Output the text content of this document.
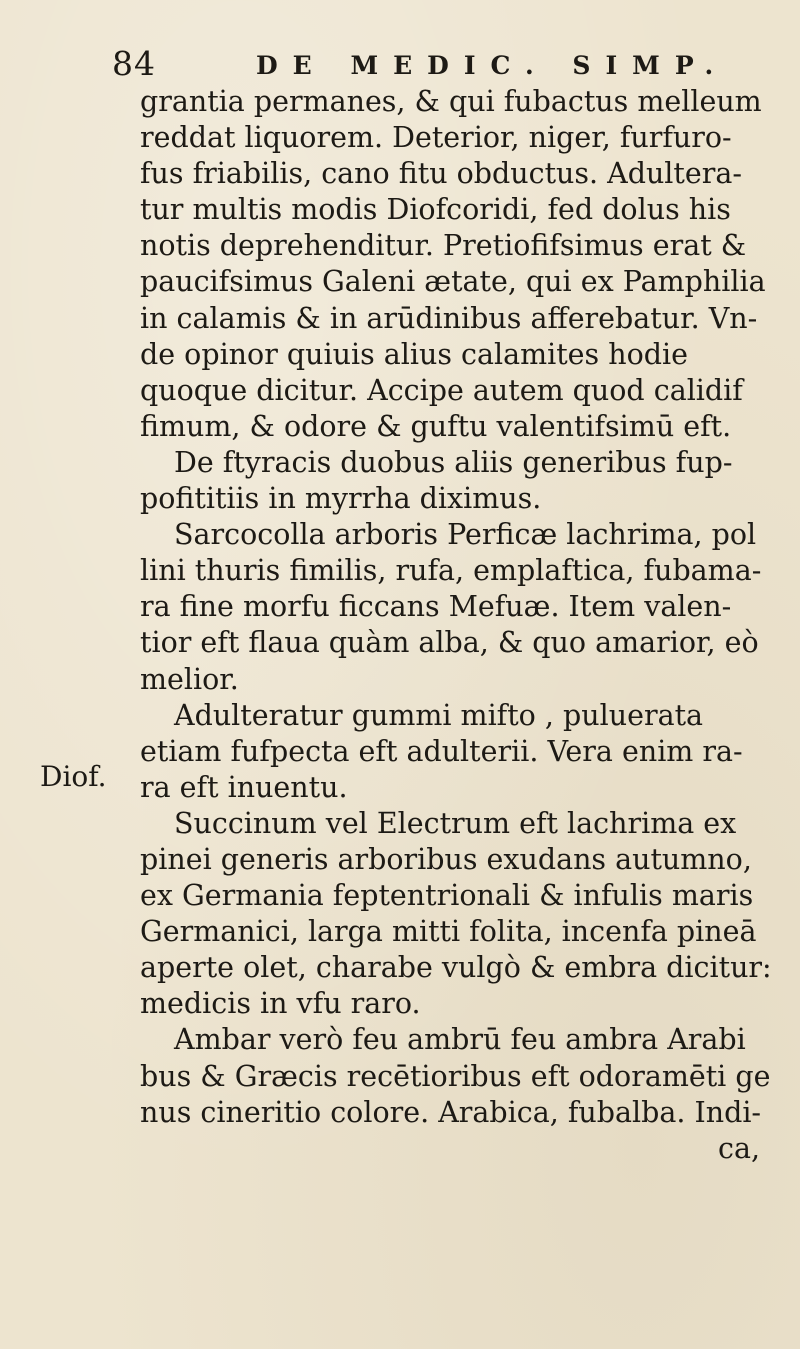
84	DE MEDIC. SIMP.
Diof.
grantia permanes, & qui fubactus melleum
reddat liquorem. Deterior, niger, furfuro-
fus friabilis, cano fitu obductus. Adultera-
tur multis modis Diofcoridi, fed dolus his
notis deprehenditur. Pretiofifsimus erat &
paucifsimus Galeni ætate, qui ex Pamphilia
in calamis & in arūdinibus afferebatur. Vn-
de opinor quiuis alius calamites hodie
quoque dicitur. Accipe autem quod calidif
fimum, & odore & guftu valentifsimū eft.
De ftyracis duobus aliis generibus fup-
pofititiis in myrrha diximus.
Sarcocolla arboris Perficæ lachrima, pol
lini thuris fimilis, rufa, emplaftica, fubama-
ra fine morfu ficcans Mefuæ. Item valen-
tior eft flaua quàm alba, & quo amarior, eò
melior.
Adulteratur gummi mifto , puluerata
etiam fufpecta eft adulterii. Vera enim ra-
ra eft inuentu.
Succinum vel Electrum eft lachrima ex
pinei generis arboribus exudans autumno,
ex Germania feptentrionali & infulis maris
Germanici, larga mitti folita, incenfa pineā
aperte olet, charabe vulgò & embra dicitur:
medicis in vfu raro.
Ambar verò feu ambrū feu ambra Arabi
bus & Græcis recētioribus eft odoramēti ge
nus cineritio colore. Arabica, fubalba. Indi-
ca,
